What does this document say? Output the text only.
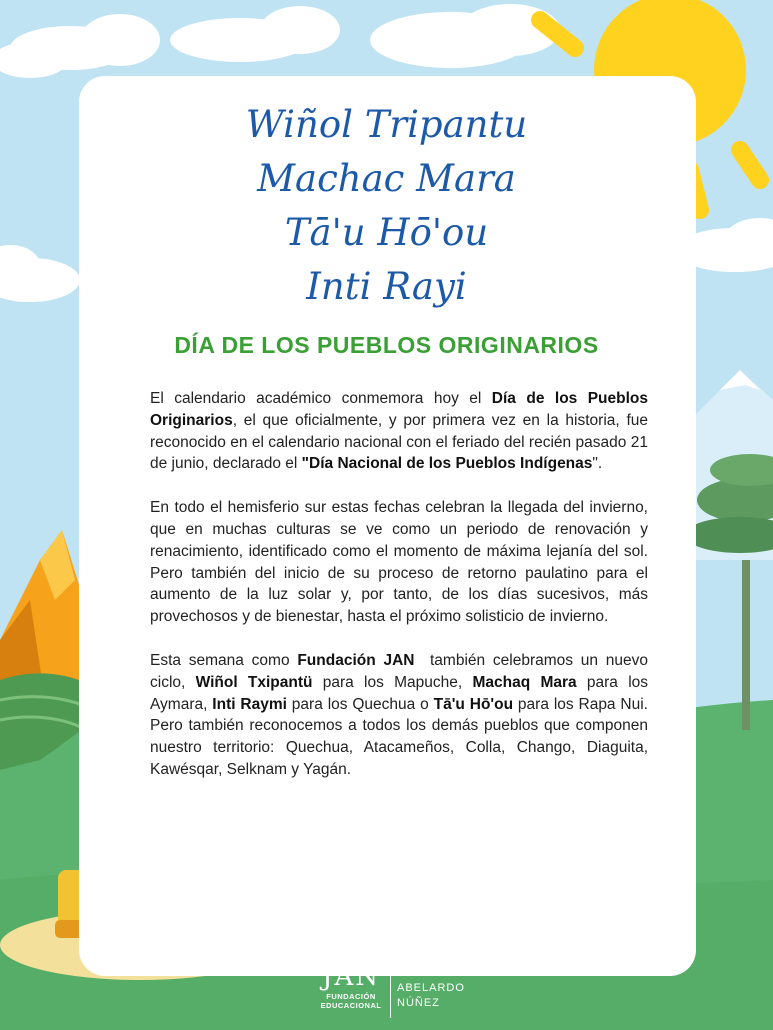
Wiñol Tripantu
Machac Mara
Tā'u Hō'ou
Inti Rayi
DÍA DE LOS PUEBLOS ORIGINARIOS

El calendario académico conmemora hoy el Día de los Pueblos Originarios, el que oficialmente, y por primera vez en la historia, fue reconocido en el calendario nacional con el feriado del recién pasado 21 de junio, declarado el "Día Nacional de los Pueblos Indígenas".

En todo el hemisferio sur estas fechas celebran la llegada del invierno, que en muchas culturas se ve como un periodo de renovación y renacimiento, identificado como el momento de máxima lejanía del sol. Pero también del inicio de su proceso de retorno paulatino para el aumento de la luz solar y, por tanto, de los días sucesivos, más provechosos y de bienestar, hasta el próximo solisticio de invierno.

Esta semana como Fundación JAN  también celebramos un nuevo ciclo, Wiñol Txipantü para los Mapuche, Machaq Mara para los Aymara, Inti Raymi para los Quechua o Tā'u Hō'ou para los Rapa Nui. Pero también reconocemos a todos los demás pueblos que componen nuestro territorio: Quechua, Atacameños, Colla, Chango, Diaguita, Kawésqar, Selknam y Yagán.

JAN
FUNDACIÓN
EDUCACIONAL
JOSÉ
ABELARDO
NÚÑEZ
